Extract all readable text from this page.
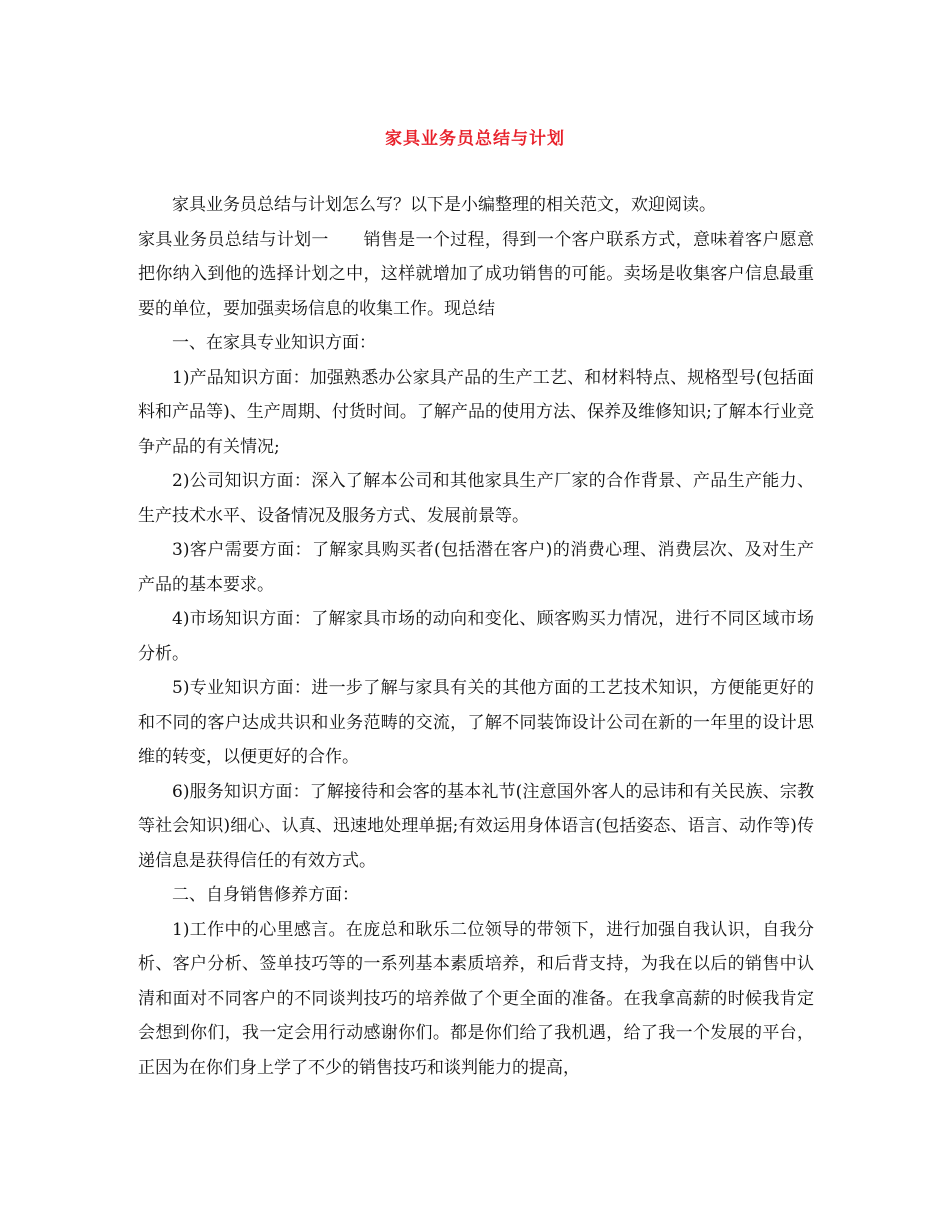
家具业务员总结与计划

家具业务员总结与计划怎么写？以下是小编整理的相关范文，欢迎阅读。

家具业务员总结与计划一　　销售是一个过程，得到一个客户联系方式，意味着客户愿意把你纳入到他的选择计划之中，这样就增加了成功销售的可能。卖场是收集客户信息最重要的单位，要加强卖场信息的收集工作。现总结

一、在家具专业知识方面：

1)产品知识方面：加强熟悉办公家具产品的生产工艺、和材料特点、规格型号(包括面料和产品等)、生产周期、付货时间。了解产品的使用方法、保养及维修知识;了解本行业竞争产品的有关情况;

2)公司知识方面：深入了解本公司和其他家具生产厂家的合作背景、产品生产能力、生产技术水平、设备情况及服务方式、发展前景等。

3)客户需要方面：了解家具购买者(包括潜在客户)的消费心理、消费层次、及对生产产品的基本要求。

4)市场知识方面：了解家具市场的动向和变化、顾客购买力情况，进行不同区域市场分析。

5)专业知识方面：进一步了解与家具有关的其他方面的工艺技术知识，方便能更好的和不同的客户达成共识和业务范畴的交流，了解不同装饰设计公司在新的一年里的设计思维的转变，以便更好的合作。

6)服务知识方面：了解接待和会客的基本礼节(注意国外客人的忌讳和有关民族、宗教等社会知识)细心、认真、迅速地处理单据;有效运用身体语言(包括姿态、语言、动作等)传递信息是获得信任的有效方式。

二、自身销售修养方面：

1)工作中的心里感言。在庞总和耿乐二位领导的带领下，进行加强自我认识，自我分析、客户分析、签单技巧等的一系列基本素质培养，和后背支持，为我在以后的销售中认清和面对不同客户的不同谈判技巧的培养做了个更全面的准备。在我拿高薪的时候我肯定会想到你们，我一定会用行动感谢你们。都是你们给了我机遇，给了我一个发展的平台，正因为在你们身上学了不少的销售技巧和谈判能力的提高，
